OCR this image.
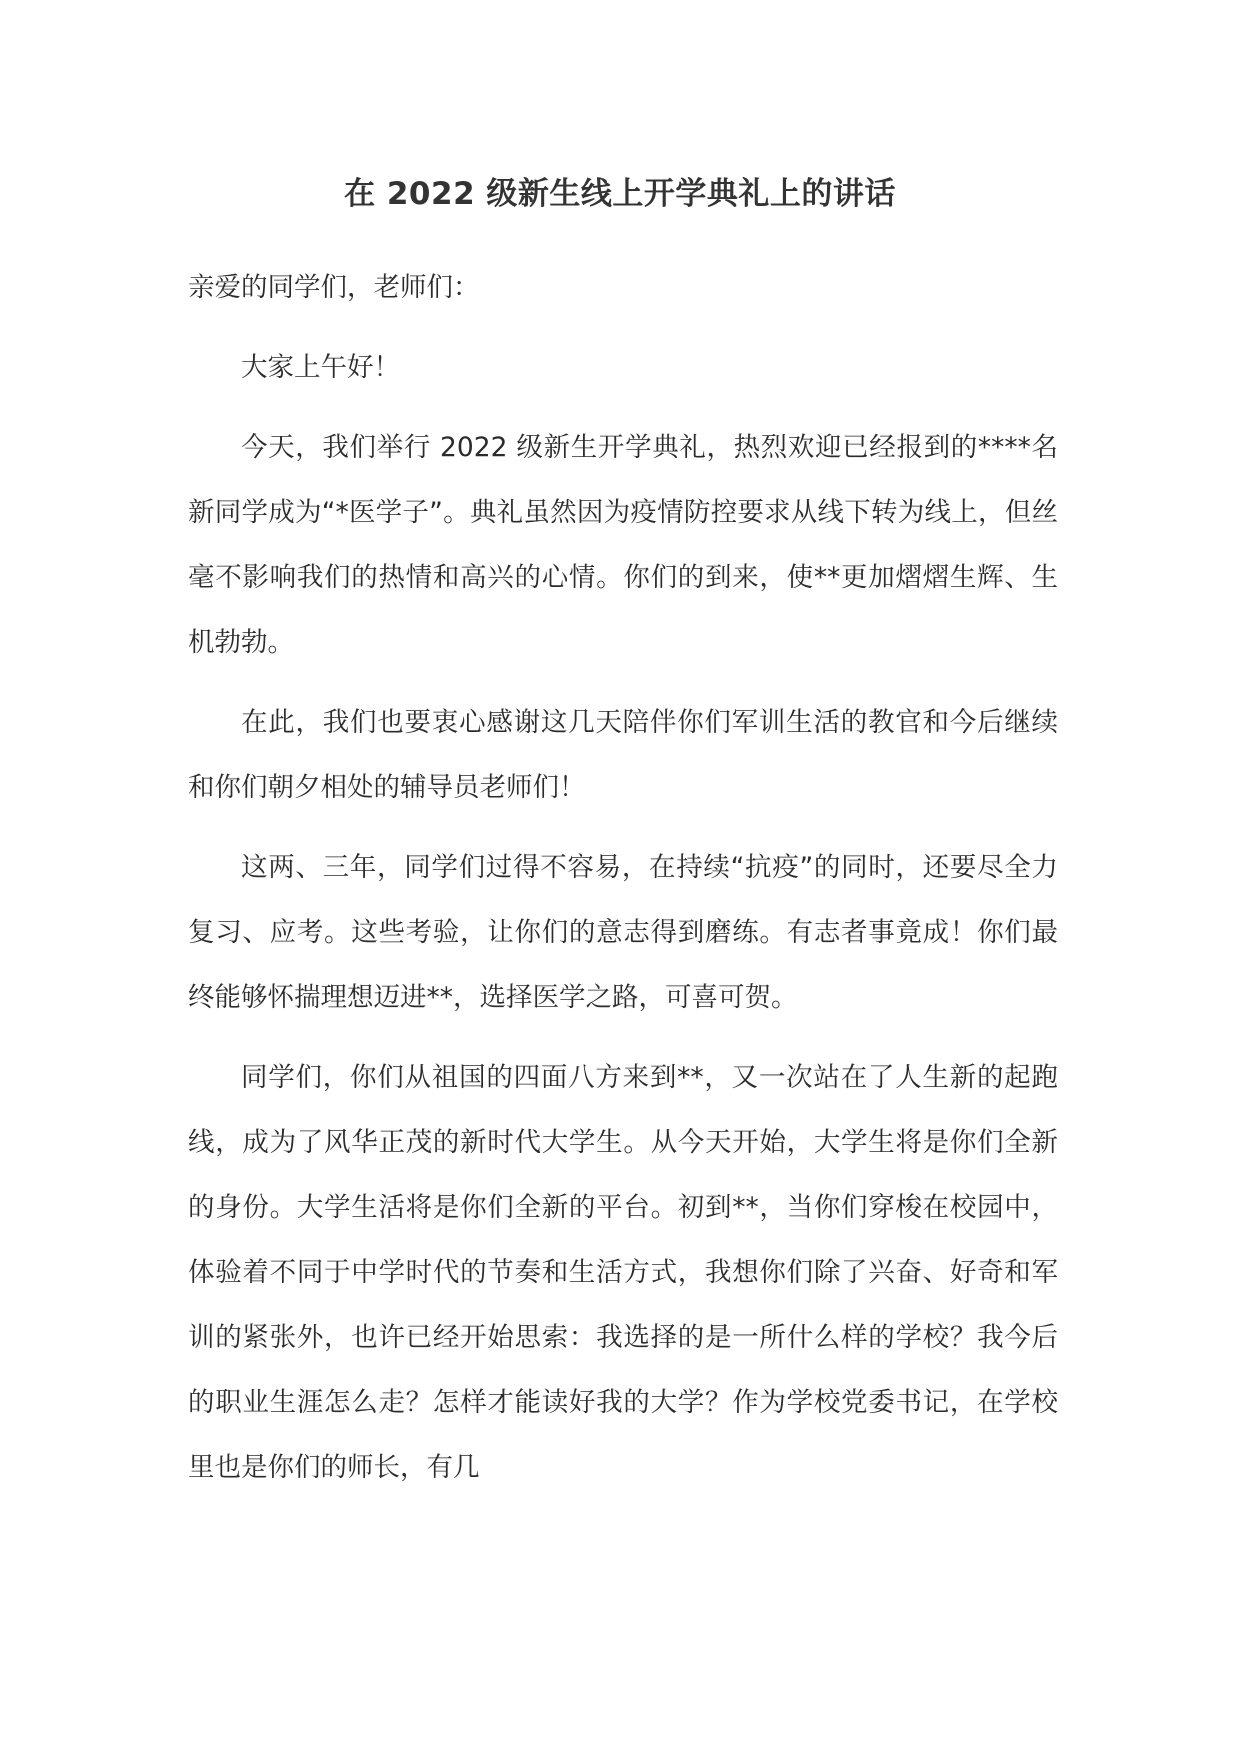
在 2022 级新生线上开学典礼上的讲话

亲爱的同学们，老师们：

大家上午好！

今天，我们举行 2022 级新生开学典礼，热烈欢迎已经报到的****名新同学成为“*医学子”。典礼虽然因为疫情防控要求从线下转为线上，但丝毫不影响我们的热情和高兴的心情。你们的到来，使**更加熠熠生辉、生机勃勃。

在此，我们也要衷心感谢这几天陪伴你们军训生活的教官和今后继续和你们朝夕相处的辅导员老师们！

这两、三年，同学们过得不容易，在持续“抗疫”的同时，还要尽全力复习、应考。这些考验，让你们的意志得到磨练。有志者事竟成！你们最终能够怀揣理想迈进**，选择医学之路，可喜可贺。

同学们，你们从祖国的四面八方来到**，又一次站在了人生新的起跑线，成为了风华正茂的新时代大学生。从今天开始，大学生将是你们全新的身份。大学生活将是你们全新的平台。初到**，当你们穿梭在校园中，体验着不同于中学时代的节奏和生活方式，我想你们除了兴奋、好奇和军训的紧张外，也许已经开始思索：我选择的是一所什么样的学校？我今后的职业生涯怎么走？怎样才能读好我的大学？作为学校党委书记，在学校里也是你们的师长，有几
